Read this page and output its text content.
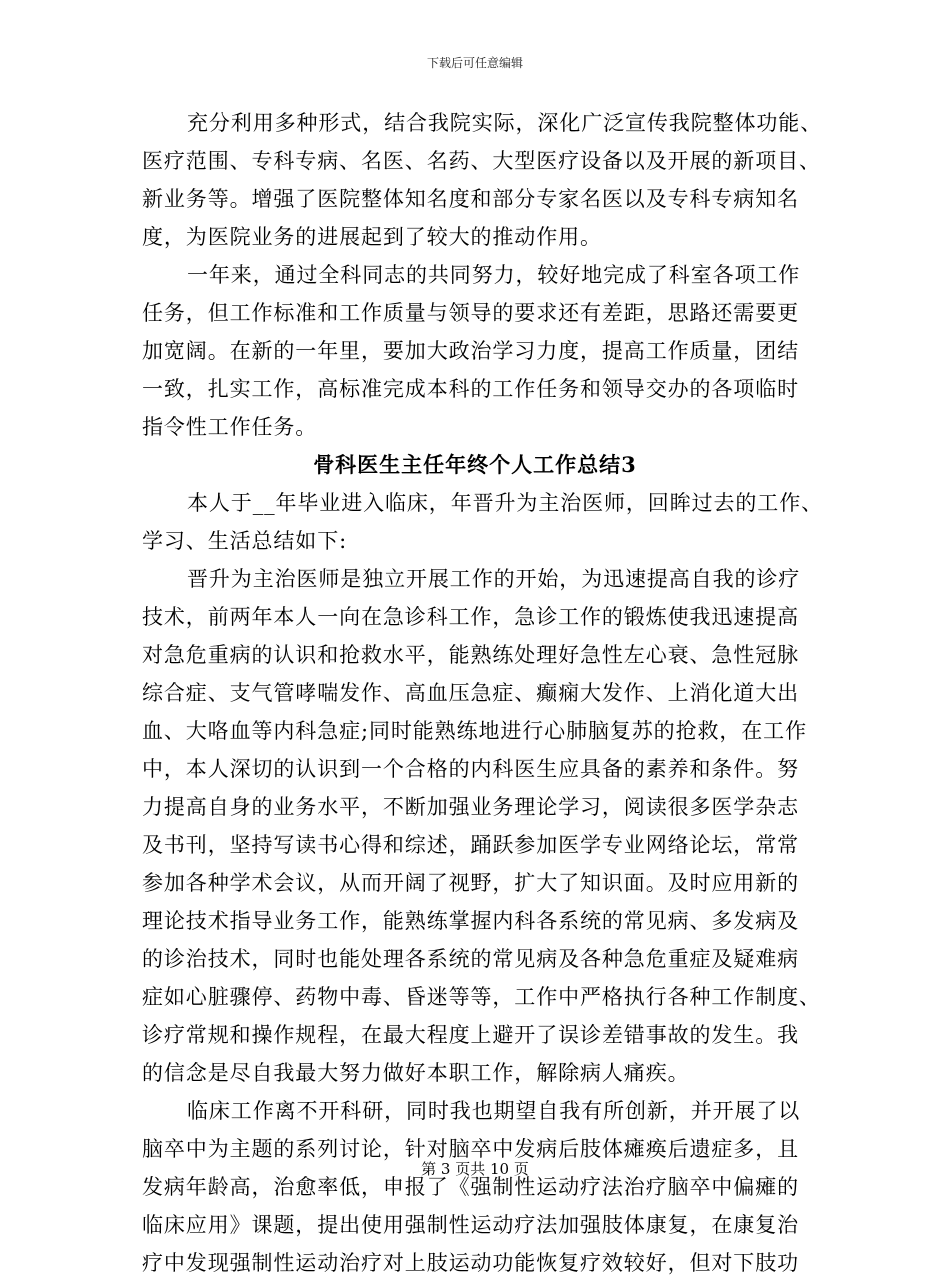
下载后可任意编辑
充分利用多种形式，结合我院实际，深化广泛宣传我院整体功能、
医疗范围、专科专病、名医、名药、大型医疗设备以及开展的新项目、
新业务等。增强了医院整体知名度和部分专家名医以及专科专病知名
度，为医院业务的进展起到了较大的推动作用。
一年来，通过全科同志的共同努力，较好地完成了科室各项工作
任务，但工作标准和工作质量与领导的要求还有差距，思路还需要更
加宽阔。在新的一年里，要加大政治学习力度，提高工作质量，团结
一致，扎实工作，高标准完成本科的工作任务和领导交办的各项临时
指令性工作任务。
骨科医生主任年终个人工作总结3
本人于__年毕业进入临床，年晋升为主治医师，回眸过去的工作、
学习、生活总结如下:
晋升为主治医师是独立开展工作的开始，为迅速提高自我的诊疗
技术，前两年本人一向在急诊科工作，急诊工作的锻炼使我迅速提高
对急危重病的认识和抢救水平，能熟练处理好急性左心衰、急性冠脉
综合症、支气管哮喘发作、高血压急症、癫痫大发作、上消化道大出
血、大咯血等内科急症;同时能熟练地进行心肺脑复苏的抢救，在工作
中，本人深切的认识到一个合格的内科医生应具备的素养和条件。努
力提高自身的业务水平，不断加强业务理论学习，阅读很多医学杂志
及书刊，坚持写读书心得和综述，踊跃参加医学专业网络论坛，常常
参加各种学术会议，从而开阔了视野，扩大了知识面。及时应用新的
理论技术指导业务工作，能熟练掌握内科各系统的常见病、多发病及
的诊治技术，同时也能处理各系统的常见病及各种急危重症及疑难病
症如心脏骤停、药物中毒、昏迷等等，工作中严格执行各种工作制度、
诊疗常规和操作规程，在最大程度上避开了误诊差错事故的发生。我
的信念是尽自我最大努力做好本职工作，解除病人痛疾。
临床工作离不开科研，同时我也期望自我有所创新，并开展了以
脑卒中为主题的系列讨论，针对脑卒中发病后肢体瘫痪后遗症多，且
发病年龄高，治愈率低，申报了《强制性运动疗法治疗脑卒中偏瘫的
临床应用》课题，提出使用强制性运动疗法加强肢体康复，在康复治
疗中发现强制性运动治疗对上肢运动功能恢复疗效较好，但对下肢功
第 3 页共 10 页
